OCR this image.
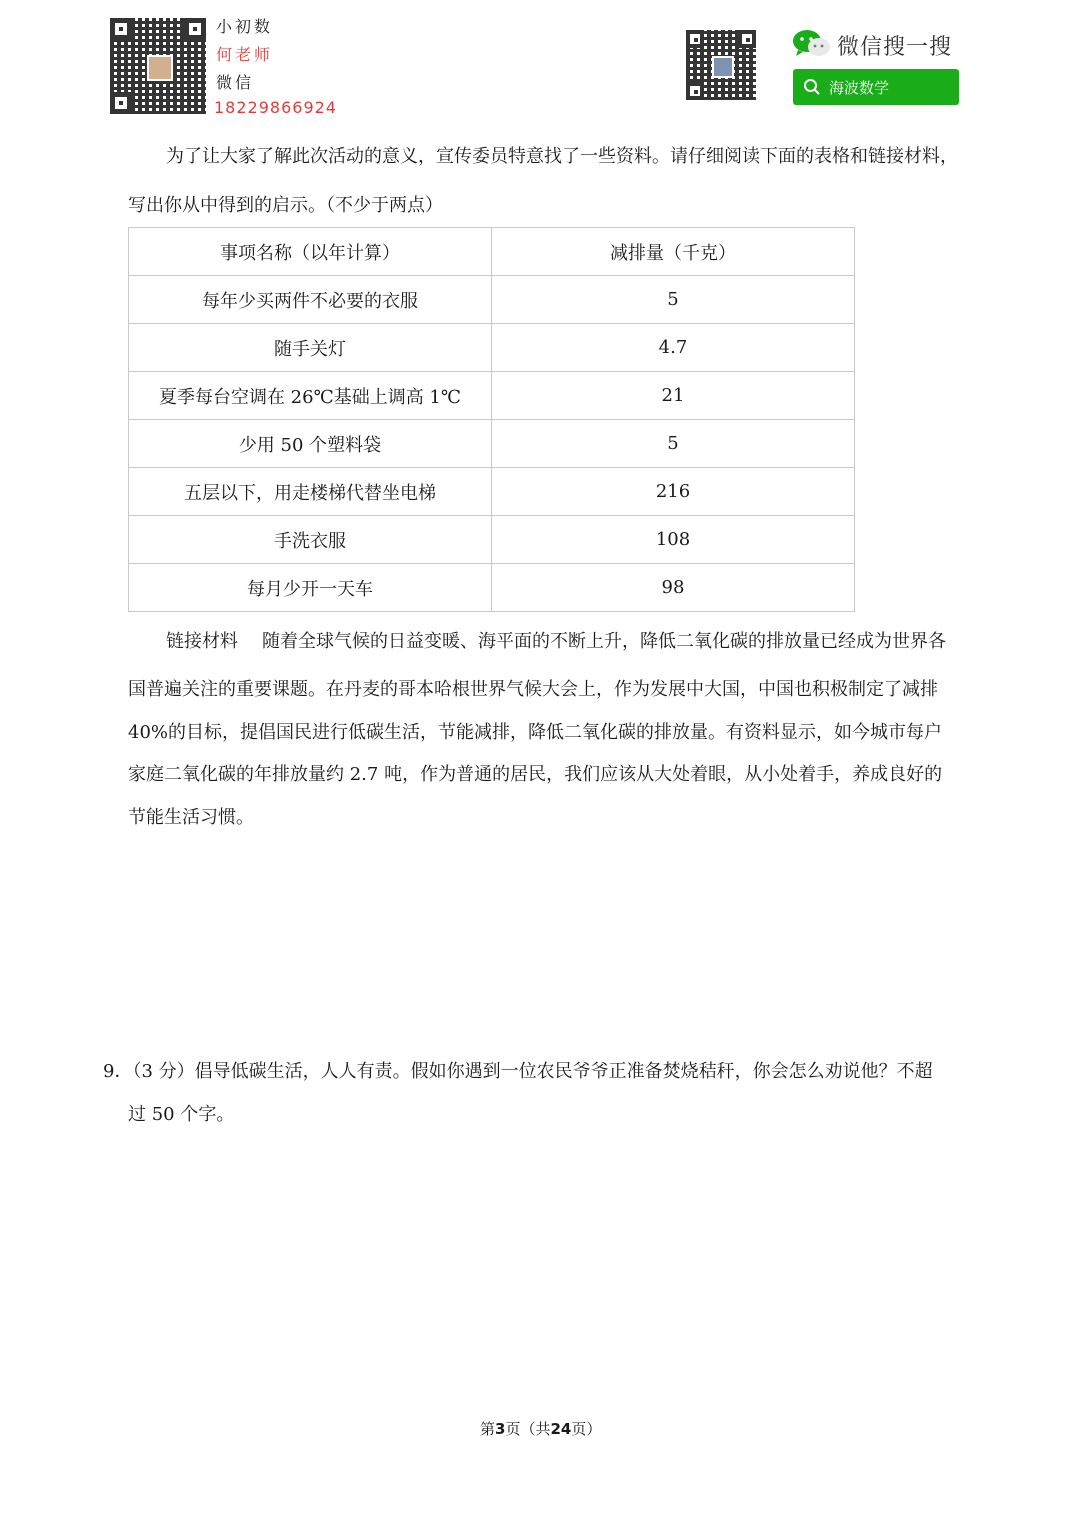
小初数
何老师
微信
18229866924
微信搜一搜
海波数学
为了让大家了解此次活动的意义，宣传委员特意找了一些资料。请仔细阅读下面的表格和链接材料，
写出你从中得到的启示。（不少于两点）
事项名称（以年计算）	减排量（千克）
每年少买两件不必要的衣服	5
随手关灯	4.7
夏季每台空调在 26℃基础上调高 1℃	21
少用 50 个塑料袋	5
五层以下，用走楼梯代替坐电梯	216
手洗衣服	108
每月少开一天车	98
链接材料 随着全球气候的日益变暖、海平面的不断上升，降低二氧化碳的排放量已经成为世界各
国普遍关注的重要课题。在丹麦的哥本哈根世界气候大会上，作为发展中大国，中国也积极制定了减排
40%的目标，提倡国民进行低碳生活，节能减排，降低二氧化碳的排放量。有资料显示，如今城市每户
家庭二氧化碳的年排放量约 2.7 吨，作为普通的居民，我们应该从大处着眼，从小处着手，养成良好的
节能生活习惯。
9．（3 分）倡导低碳生活，人人有责。假如你遇到一位农民爷爷正准备焚烧秸秆，你会怎么劝说他？不超
过 50 个字。
第3页（共24页）
